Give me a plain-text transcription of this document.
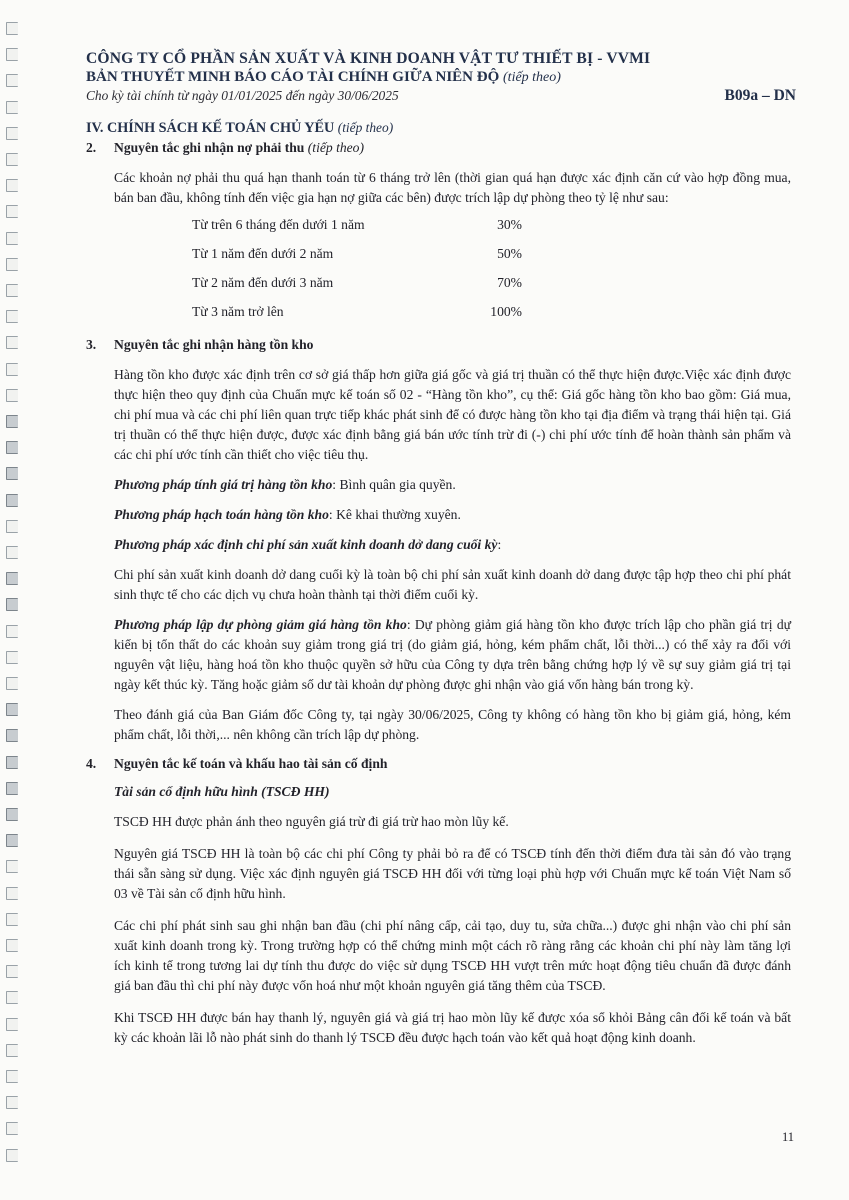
CÔNG TY CỔ PHẦN SẢN XUẤT VÀ KINH DOANH VẬT TƯ THIẾT BỊ - VVMI
BẢN THUYẾT MINH BÁO CÁO TÀI CHÍNH GIỮA NIÊN ĐỘ (tiếp theo)
Cho kỳ tài chính từ ngày 01/01/2025 đến ngày 30/06/2025	B09a – DN

IV. CHÍNH SÁCH KẾ TOÁN CHỦ YẾU (tiếp theo)

2.	Nguyên tắc ghi nhận nợ phải thu (tiếp theo)

Các khoản nợ phải thu quá hạn thanh toán từ 6 tháng trở lên (thời gian quá hạn được xác định căn cứ vào hợp đồng mua, bán ban đầu, không tính đến việc gia hạn nợ giữa các bên) được trích lập dự phòng theo tỷ lệ như sau:

Từ trên 6 tháng đến dưới 1 năm	30%
Từ 1 năm đến dưới 2 năm	50%
Từ 2 năm đến dưới 3 năm	70%
Từ 3 năm trở lên	100%

3.	Nguyên tắc ghi nhận hàng tồn kho

Hàng tồn kho được xác định trên cơ sở giá thấp hơn giữa giá gốc và giá trị thuần có thể thực hiện được.Việc xác định được thực hiện theo quy định của Chuẩn mực kế toán số 02 - “Hàng tồn kho”, cụ thể: Giá gốc hàng tồn kho bao gồm: Giá mua, chi phí mua và các chi phí liên quan trực tiếp khác phát sinh để có được hàng tồn kho tại địa điểm và trạng thái hiện tại. Giá trị thuần có thể thực hiện được, được xác định bằng giá bán ước tính trừ đi (-) chi phí ước tính để hoàn thành sản phẩm và các chi phí ước tính cần thiết cho việc tiêu thụ.

Phương pháp tính giá trị hàng tồn kho: Bình quân gia quyền.

Phương pháp hạch toán hàng tồn kho: Kê khai thường xuyên.

Phương pháp xác định chi phí sản xuất kinh doanh dở dang cuối kỳ:

Chi phí sản xuất kinh doanh dở dang cuối kỳ là toàn bộ chi phí sản xuất kinh doanh dở dang được tập hợp theo chi phí phát sinh thực tế cho các dịch vụ chưa hoàn thành tại thời điểm cuối kỳ.

Phương pháp lập dự phòng giảm giá hàng tồn kho: Dự phòng giảm giá hàng tồn kho được trích lập cho phần giá trị dự kiến bị tổn thất do các khoản suy giảm trong giá trị (do giảm giá, hỏng, kém phẩm chất, lỗi thời...) có thể xảy ra đối với nguyên vật liệu, hàng hoá tồn kho thuộc quyền sở hữu của Công ty dựa trên bằng chứng hợp lý về sự suy giảm giá trị tại ngày kết thúc kỳ. Tăng hoặc giảm số dư tài khoản dự phòng được ghi nhận vào giá vốn hàng bán trong kỳ.

Theo đánh giá của Ban Giám đốc Công ty, tại ngày 30/06/2025, Công ty không có hàng tồn kho bị giảm giá, hỏng, kém phẩm chất, lỗi thời,... nên không cần trích lập dự phòng.

4.	Nguyên tắc kế toán và khấu hao tài sản cố định

Tài sản cố định hữu hình (TSCĐ HH)

TSCĐ HH được phản ánh theo nguyên giá trừ đi giá trừ hao mòn lũy kế.

Nguyên giá TSCĐ HH là toàn bộ các chi phí Công ty phải bỏ ra để có TSCĐ tính đến thời điểm đưa tài sản đó vào trạng thái sẵn sàng sử dụng. Việc xác định nguyên giá TSCĐ HH đối với từng loại phù hợp với Chuẩn mực kế toán Việt Nam số 03 về Tài sản cố định hữu hình.

Các chi phí phát sinh sau ghi nhận ban đầu (chi phí nâng cấp, cải tạo, duy tu, sửa chữa...) được ghi nhận vào chi phí sản xuất kinh doanh trong kỳ. Trong trường hợp có thể chứng minh một cách rõ ràng rằng các khoản chi phí này làm tăng lợi ích kinh tế trong tương lai dự tính thu được do việc sử dụng TSCĐ HH vượt trên mức hoạt động tiêu chuẩn đã được đánh giá ban đầu thì chi phí này được vốn hoá như một khoản nguyên giá tăng thêm của TSCĐ.

Khi TSCĐ HH được bán hay thanh lý, nguyên giá và giá trị hao mòn lũy kế được xóa sổ khỏi Bảng cân đối kế toán và bất kỳ các khoản lãi lỗ nào phát sinh do thanh lý TSCĐ đều được hạch toán vào kết quả hoạt động kinh doanh.

11
